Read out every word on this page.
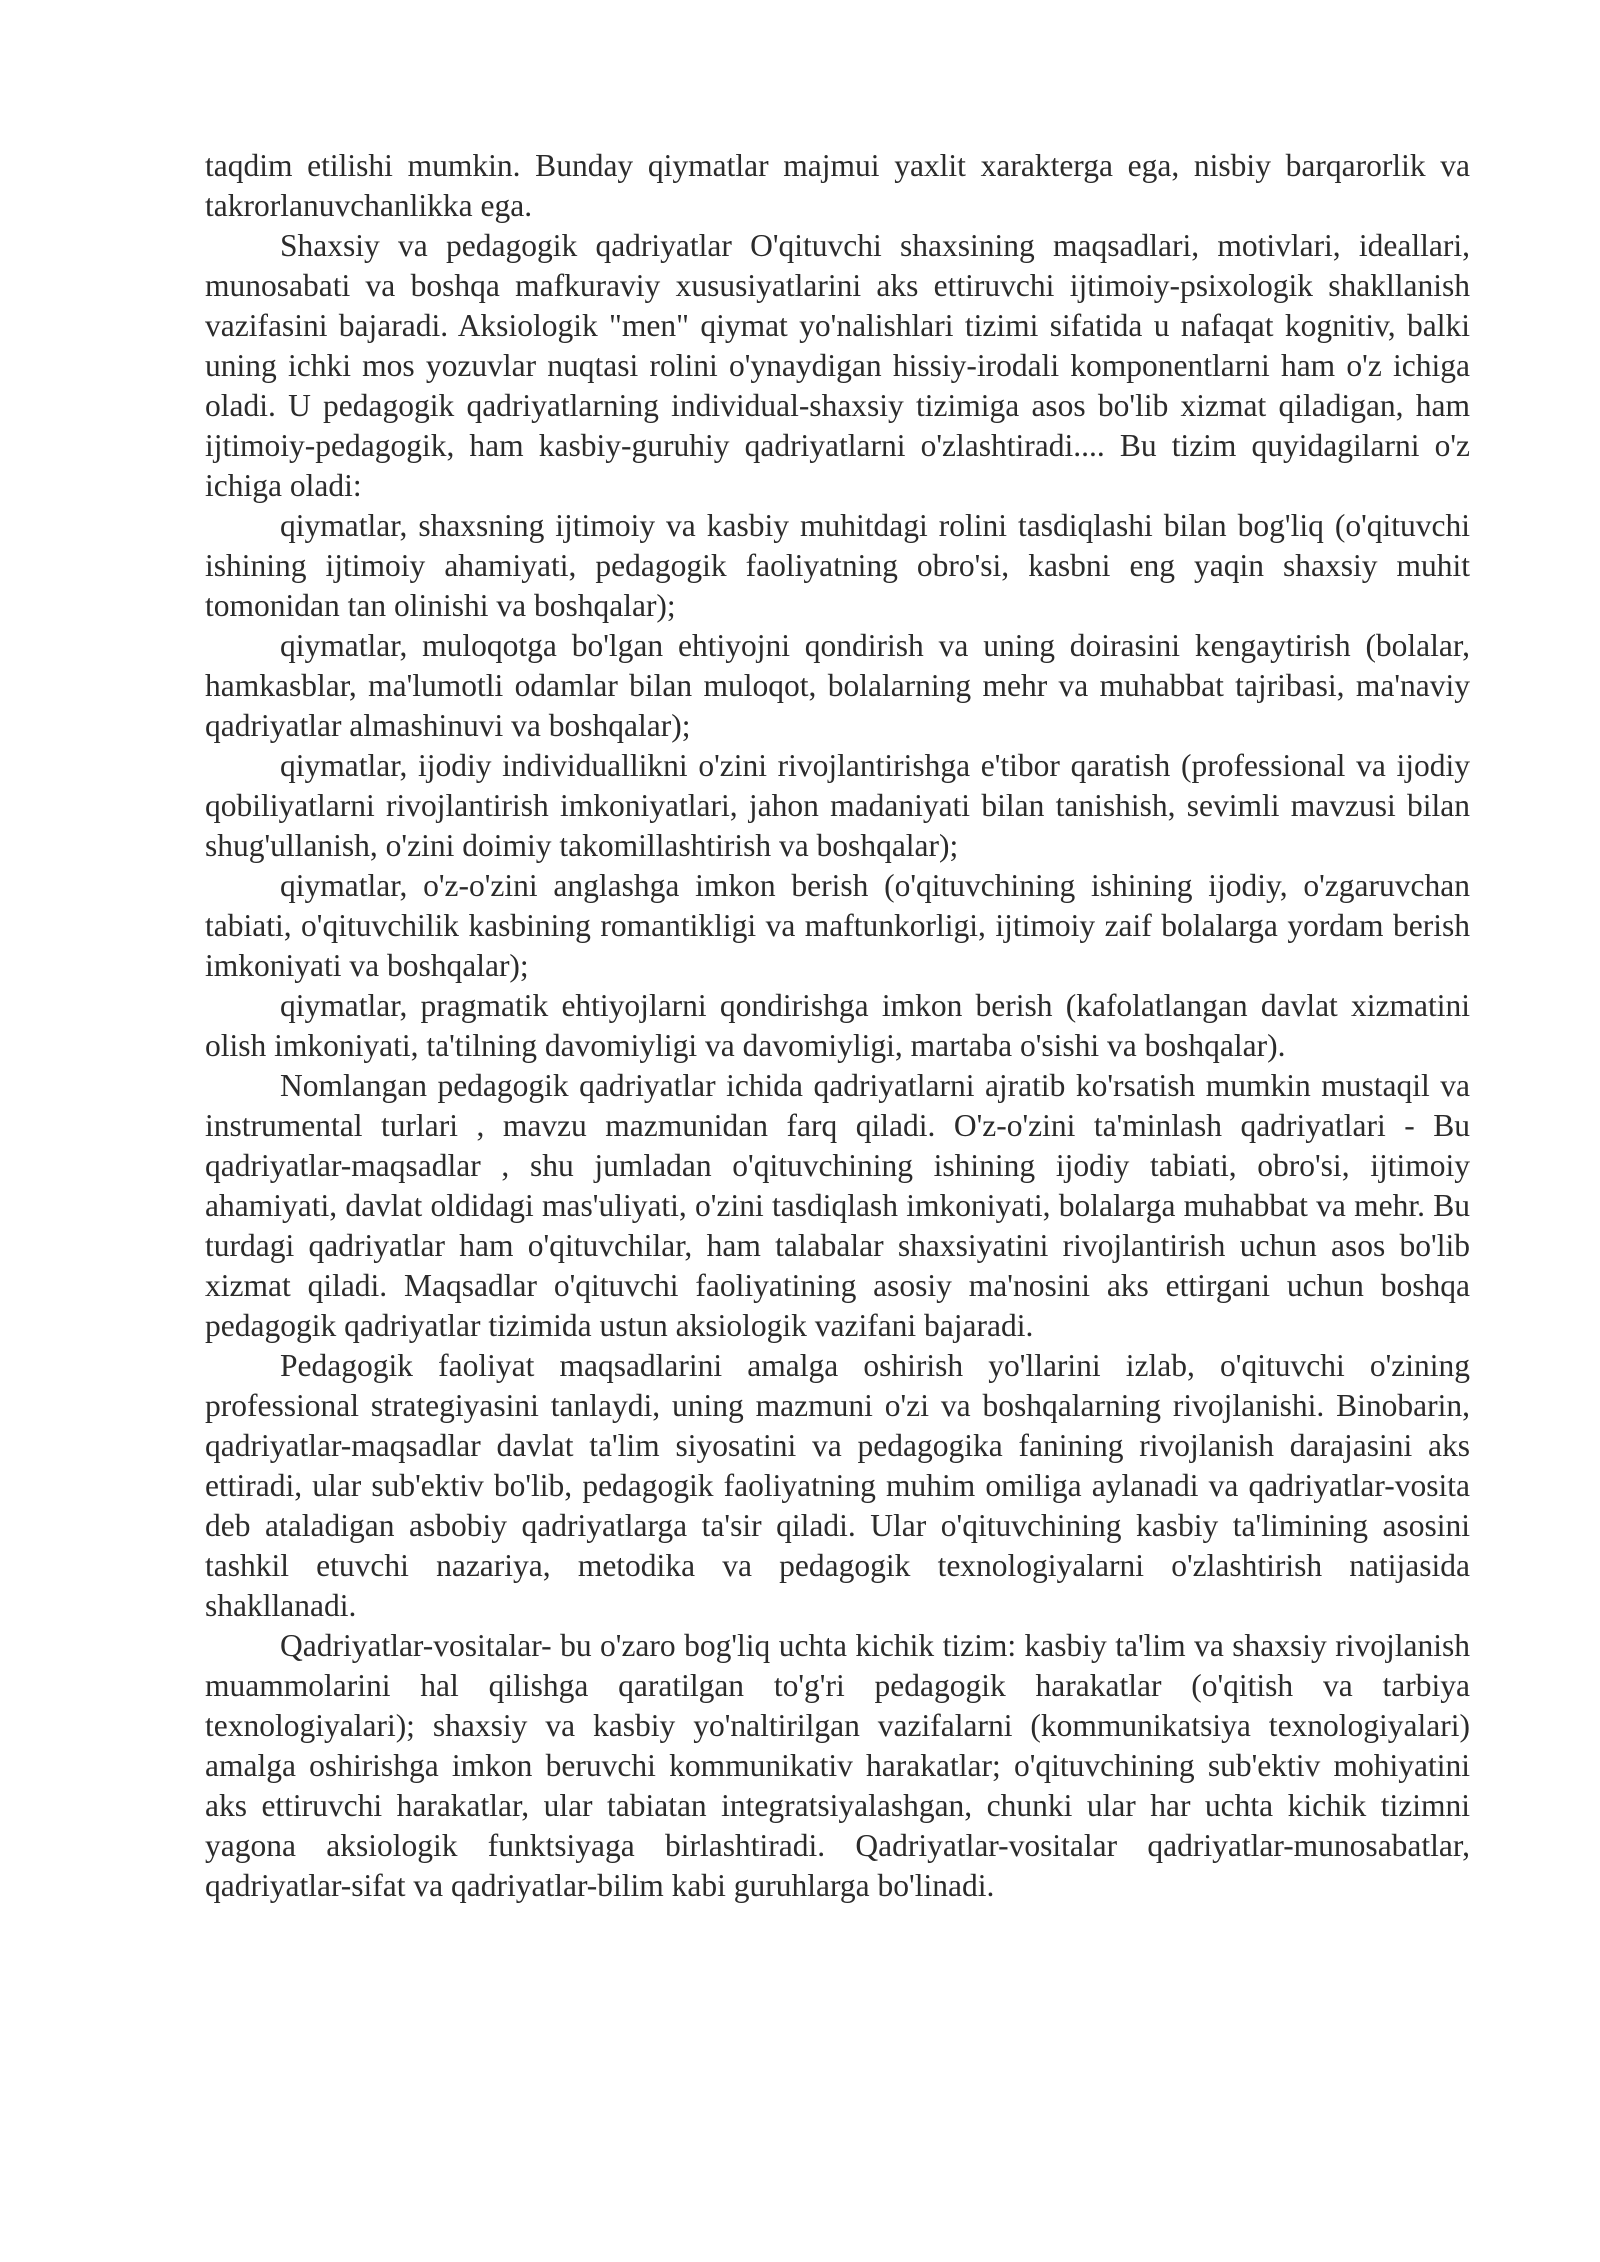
taqdim etilishi mumkin. Bunday qiymatlar majmui yaxlit xarakterga ega, nisbiy barqarorlik va takrorlanuvchanlikka ega.

Shaxsiy va pedagogik qadriyatlar O'qituvchi shaxsining maqsadlari, motivlari, ideallari, munosabati va boshqa mafkuraviy xususiyatlarini aks ettiruvchi ijtimoiy-psixologik shakllanish vazifasini bajaradi. Aksiologik "men" qiymat yo'nalishlari tizimi sifatida u nafaqat kognitiv, balki uning ichki mos yozuvlar nuqtasi rolini o'ynaydigan hissiy-irodali komponentlarni ham o'z ichiga oladi. U pedagogik qadriyatlarning individual-shaxsiy tizimiga asos bo'lib xizmat qiladigan, ham ijtimoiy-pedagogik, ham kasbiy-guruhiy qadriyatlarni o'zlashtiradi.... Bu tizim quyidagilarni o'z ichiga oladi:

qiymatlar, shaxsning ijtimoiy va kasbiy muhitdagi rolini tasdiqlashi bilan bog'liq (o'qituvchi ishining ijtimoiy ahamiyati, pedagogik faoliyatning obro'si, kasbni eng yaqin shaxsiy muhit tomonidan tan olinishi va boshqalar);

qiymatlar, muloqotga bo'lgan ehtiyojni qondirish va uning doirasini kengaytirish (bolalar, hamkasblar, ma'lumotli odamlar bilan muloqot, bolalarning mehr va muhabbat tajribasi, ma'naviy qadriyatlar almashinuvi va boshqalar);

qiymatlar, ijodiy individuallikni o'zini rivojlantirishga e'tibor qaratish (professional va ijodiy qobiliyatlarni rivojlantirish imkoniyatlari, jahon madaniyati bilan tanishish, sevimli mavzusi bilan shug'ullanish, o'zini doimiy takomillashtirish va boshqalar);

qiymatlar, o'z-o'zini anglashga imkon berish (o'qituvchining ishining ijodiy, o'zgaruvchan tabiati, o'qituvchilik kasbining romantikligi va maftunkorligi, ijtimoiy zaif bolalarga yordam berish imkoniyati va boshqalar);

qiymatlar, pragmatik ehtiyojlarni qondirishga imkon berish (kafolatlangan davlat xizmatini olish imkoniyati, ta'tilning davomiyligi va davomiyligi, martaba o'sishi va boshqalar).

Nomlangan pedagogik qadriyatlar ichida qadriyatlarni ajratib ko'rsatish mumkin mustaqil va instrumental turlari , mavzu mazmunidan farq qiladi. O'z-o'zini ta'minlash qadriyatlari - Bu qadriyatlar-maqsadlar , shu jumladan o'qituvchining ishining ijodiy tabiati, obro'si, ijtimoiy ahamiyati, davlat oldidagi mas'uliyati, o'zini tasdiqlash imkoniyati, bolalarga muhabbat va mehr. Bu turdagi qadriyatlar ham o'qituvchilar, ham talabalar shaxsiyatini rivojlantirish uchun asos bo'lib xizmat qiladi. Maqsadlar o'qituvchi faoliyatining asosiy ma'nosini aks ettirgani uchun boshqa pedagogik qadriyatlar tizimida ustun aksiologik vazifani bajaradi.

Pedagogik faoliyat maqsadlarini amalga oshirish yo'llarini izlab, o'qituvchi o'zining professional strategiyasini tanlaydi, uning mazmuni o'zi va boshqalarning rivojlanishi. Binobarin, qadriyatlar-maqsadlar davlat ta'lim siyosatini va pedagogika fanining rivojlanish darajasini aks ettiradi, ular sub'ektiv bo'lib, pedagogik faoliyatning muhim omiliga aylanadi va qadriyatlar-vosita deb ataladigan asbobiy qadriyatlarga ta'sir qiladi. Ular o'qituvchining kasbiy ta'limining asosini tashkil etuvchi nazariya, metodika va pedagogik texnologiyalarni o'zlashtirish natijasida shakllanadi.

Qadriyatlar-vositalar- bu o'zaro bog'liq uchta kichik tizim: kasbiy ta'lim va shaxsiy rivojlanish muammolarini hal qilishga qaratilgan to'g'ri pedagogik harakatlar (o'qitish va tarbiya texnologiyalari); shaxsiy va kasbiy yo'naltirilgan vazifalarni (kommunikatsiya texnologiyalari) amalga oshirishga imkon beruvchi kommunikativ harakatlar; o'qituvchining sub'ektiv mohiyatini aks ettiruvchi harakatlar, ular tabiatan integratsiyalashgan, chunki ular har uchta kichik tizimni yagona aksiologik funktsiyaga birlashtiradi. Qadriyatlar-vositalar qadriyatlar-munosabatlar, qadriyatlar-sifat va qadriyatlar-bilim kabi guruhlarga bo'linadi.
